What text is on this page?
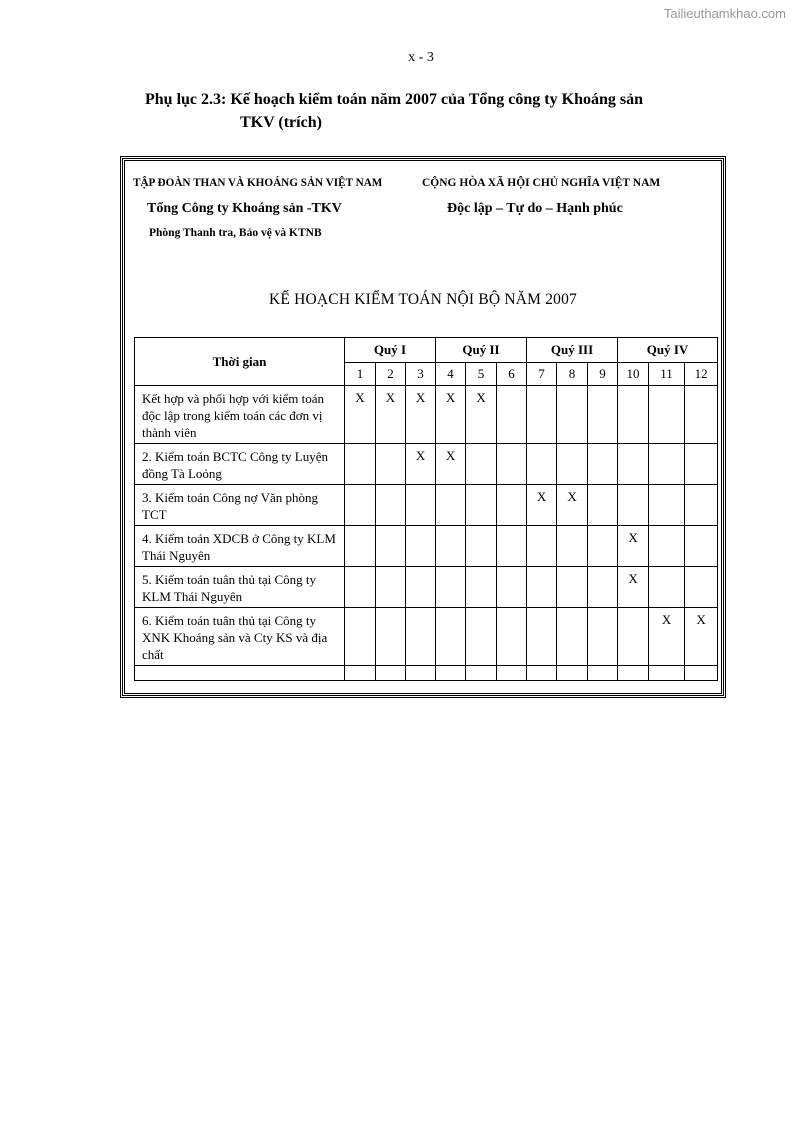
Tailieuthamkhao.com
x - 3
Phụ lục 2.3: Kế hoạch kiểm toán năm 2007 của Tổng công ty Khoáng sản
TKV (trích)
TẬP ĐOÀN THAN VÀ KHOÁNG SẢN VIỆT NAM	CỘNG HÒA XÃ HỘI CHỦ NGHĨA VIỆT NAM
Tổng Công ty Khoáng sản -TKV	Độc lập – Tự do – Hạnh phúc
Phòng Thanh tra, Bảo vệ và KTNB
KẾ HOẠCH KIỂM TOÁN NỘI BỘ NĂM 2007
Thời gian	Quý I			Quý II			Quý III			Quý IV		
	1	2	3	4	5	6	7	8	9	10	11	12
Kết hợp và phối hợp với kiểm toán độc lập trong kiểm toán các đơn vị thành viên	X	X	X	X	X							
2. Kiểm toán BCTC Công ty Luyện đồng Tà Loỏng			X	X								
3. Kiểm toán Công nợ Văn phòng TCT							X	X				
4. Kiểm toán XDCB ở Công ty KLM Thái Nguyên										X		
5. Kiểm toán tuân thủ tại Công ty KLM Thái Nguyên										X		
6. Kiểm toán tuân thủ tại Công ty XNK Khoáng sản và Cty KS và địa chất											X	X
